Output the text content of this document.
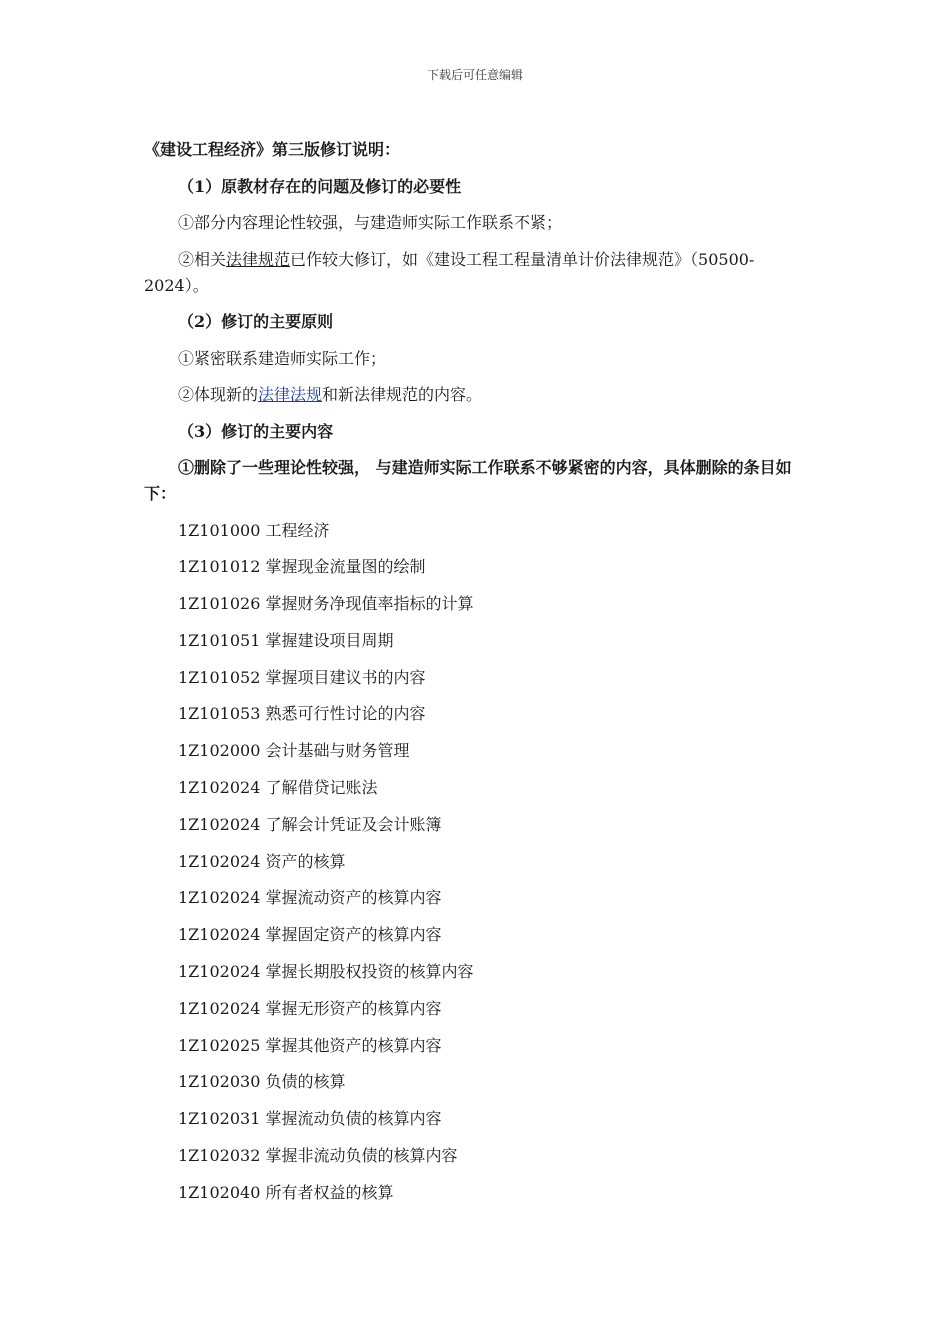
下载后可任意编辑

《建设工程经济》第三版修订说明：

（1）原教材存在的问题及修订的必要性

①部分内容理论性较强，与建造师实际工作联系不紧；

②相关法律规范已作较大修订，如《建设工程工程量清单计价法律规范》（50500-2024）。

（2）修订的主要原则

①紧密联系建造师实际工作；

②体现新的法律法规和新法律规范的内容。

（3）修订的主要内容

①删除了一些理论性较强， 与建造师实际工作联系不够紧密的内容，具体删除的条目如下：

1Z101000 工程经济

1Z101012 掌握现金流量图的绘制

1Z101026 掌握财务净现值率指标的计算

1Z101051 掌握建设项目周期

1Z101052 掌握项目建议书的内容

1Z101053 熟悉可行性讨论的内容

1Z102000 会计基础与财务管理

1Z102024 了解借贷记账法

1Z102024 了解会计凭证及会计账簿

1Z102024 资产的核算

1Z102024 掌握流动资产的核算内容

1Z102024 掌握固定资产的核算内容

1Z102024 掌握长期股权投资的核算内容

1Z102024 掌握无形资产的核算内容

1Z102025 掌握其他资产的核算内容

1Z102030 负债的核算

1Z102031 掌握流动负债的核算内容

1Z102032 掌握非流动负债的核算内容

1Z102040 所有者权益的核算
